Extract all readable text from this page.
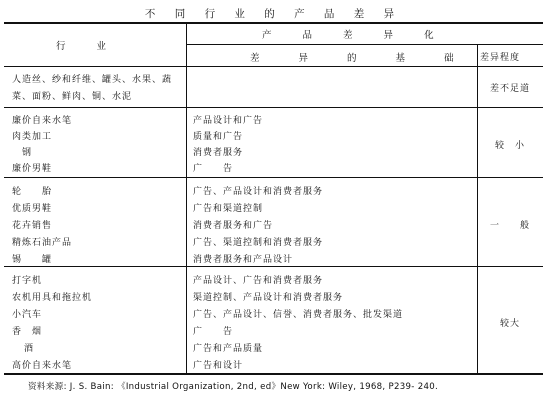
不 同 行 业 的 产 品 差 异
行 业
产 品 差 异 化
差 异 的 基 础 差异程度
人造丝、纱和纤维、罐头、水果、蔬
菜、面粉、鲜肉、铜、水泥
差不足道
廉价自来水笔
肉类加工
钢
廉价男鞋
产品设计和广告
质量和广告
消费者服务
广　　告
较　小
轮　　胎
优质男鞋
花卉销售
精炼石油产品
锡　　罐
广告、产品设计和消费者服务
广告和渠道控制
消费者服务和广告
广告、渠道控制和消费者服务
消费者服务和产品设计
一　　般
打字机
农机用具和拖拉机
小汽车
香　烟
酒
高价自来水笔
产品设计、广告和消费者服务
渠道控制、产品设计和消费者服务
广告、产品设计、信誉、消费者服务、批发渠道
广　　告
广告和产品质量
广告和设计
较大
资料来源: J. S. Bain: 《Industrial Organization, 2nd, ed》New York: Wiley, 1968, P239- 240.
